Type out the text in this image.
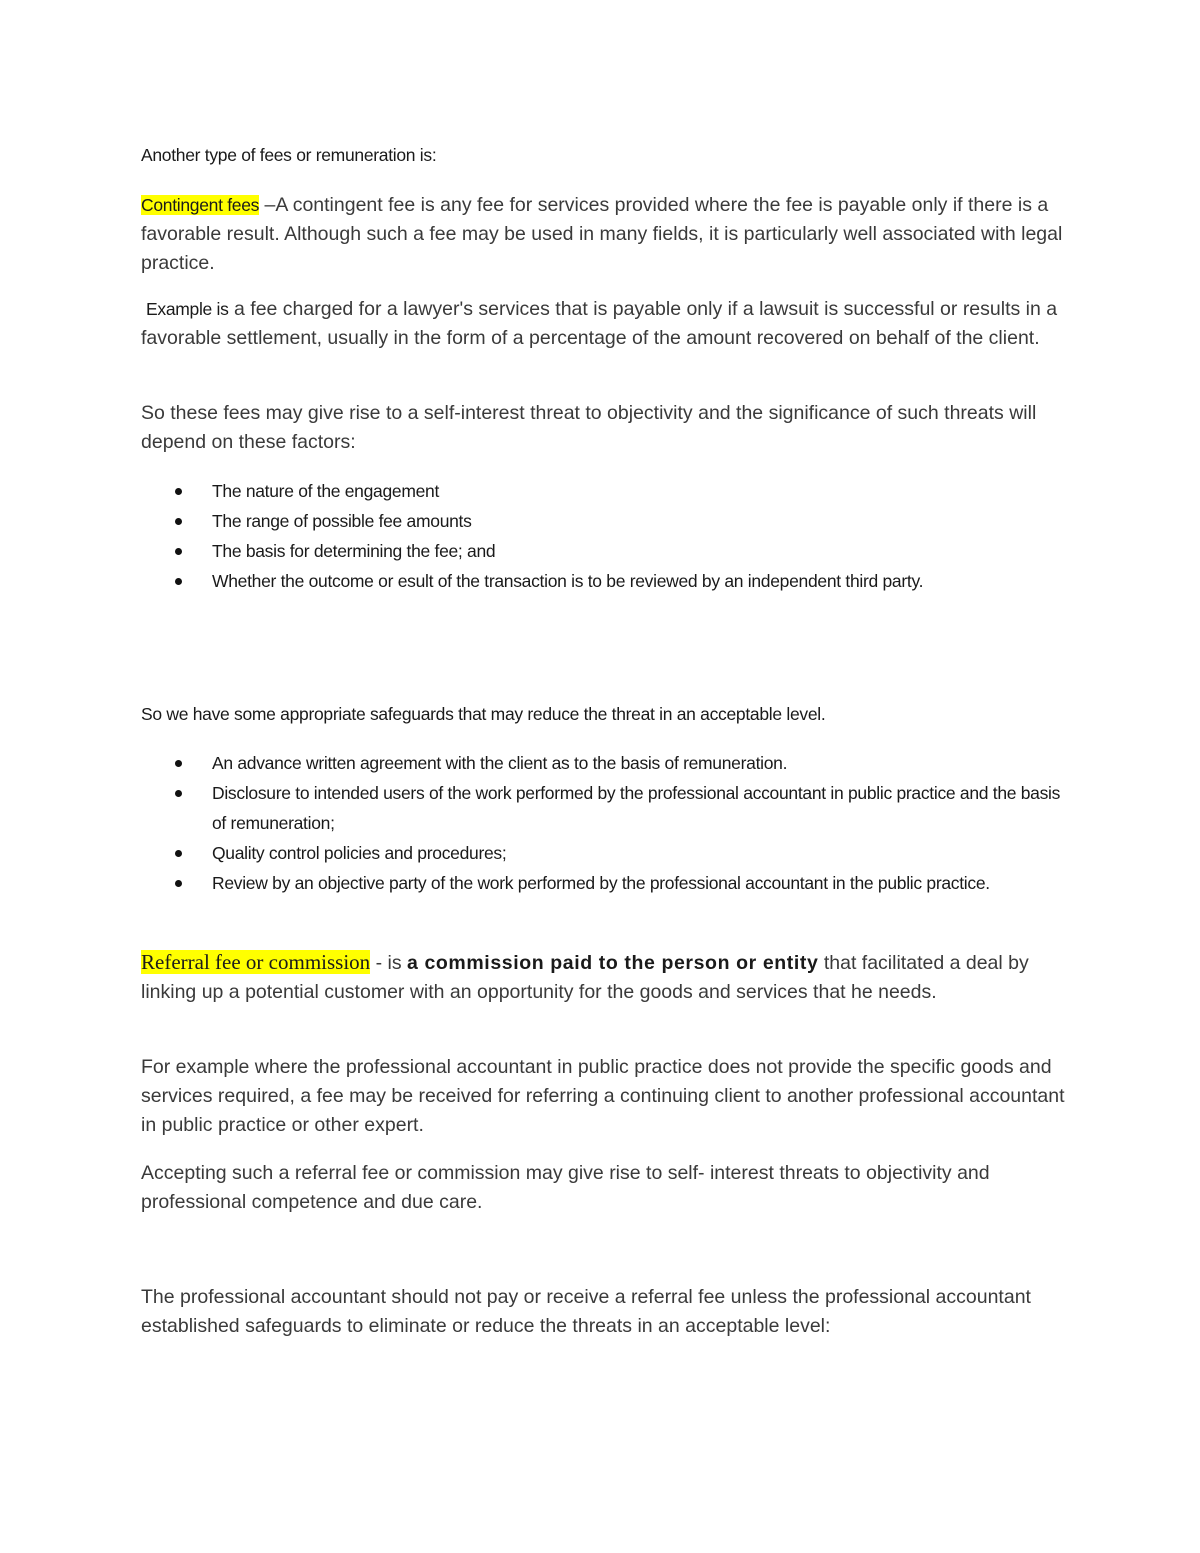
Another type of fees or remuneration is:

Contingent fees –A contingent fee is any fee for services provided where the fee is payable only if there is a favorable result. Although such a fee may be used in many fields, it is particularly well associated with legal practice.

Example is a fee charged for a lawyer's services that is payable only if a lawsuit is successful or results in a favorable settlement, usually in the form of a percentage of the amount recovered on behalf of the client.

So these fees may give rise to a self-interest threat to objectivity and the significance of such threats will depend on these factors:

The nature of the engagement
The range of possible fee amounts
The basis for determining the fee; and
Whether the outcome or esult of the transaction is to be reviewed by an independent third party.

So we have some appropriate safeguards that may reduce the threat in an acceptable level.

An advance written agreement with the client as to the basis of remuneration.
Disclosure to intended users of the work performed by the professional accountant in public practice and the basis of remuneration;
Quality control policies and procedures;
Review by an objective party of the work performed by the professional accountant in the public practice.

Referral fee or commission - is a commission paid to the person or entity that facilitated a deal by linking up a potential customer with an opportunity for the goods and services that he needs.

For example where the professional accountant in public practice does not provide the specific goods and services required, a fee may be received for referring a continuing client to another professional accountant in public practice or other expert.

Accepting such a referral fee or commission may give rise to self- interest threats to objectivity and professional competence and due care.

The professional accountant should not pay or receive a referral fee unless the professional accountant established safeguards to eliminate or reduce the threats in an acceptable level:
